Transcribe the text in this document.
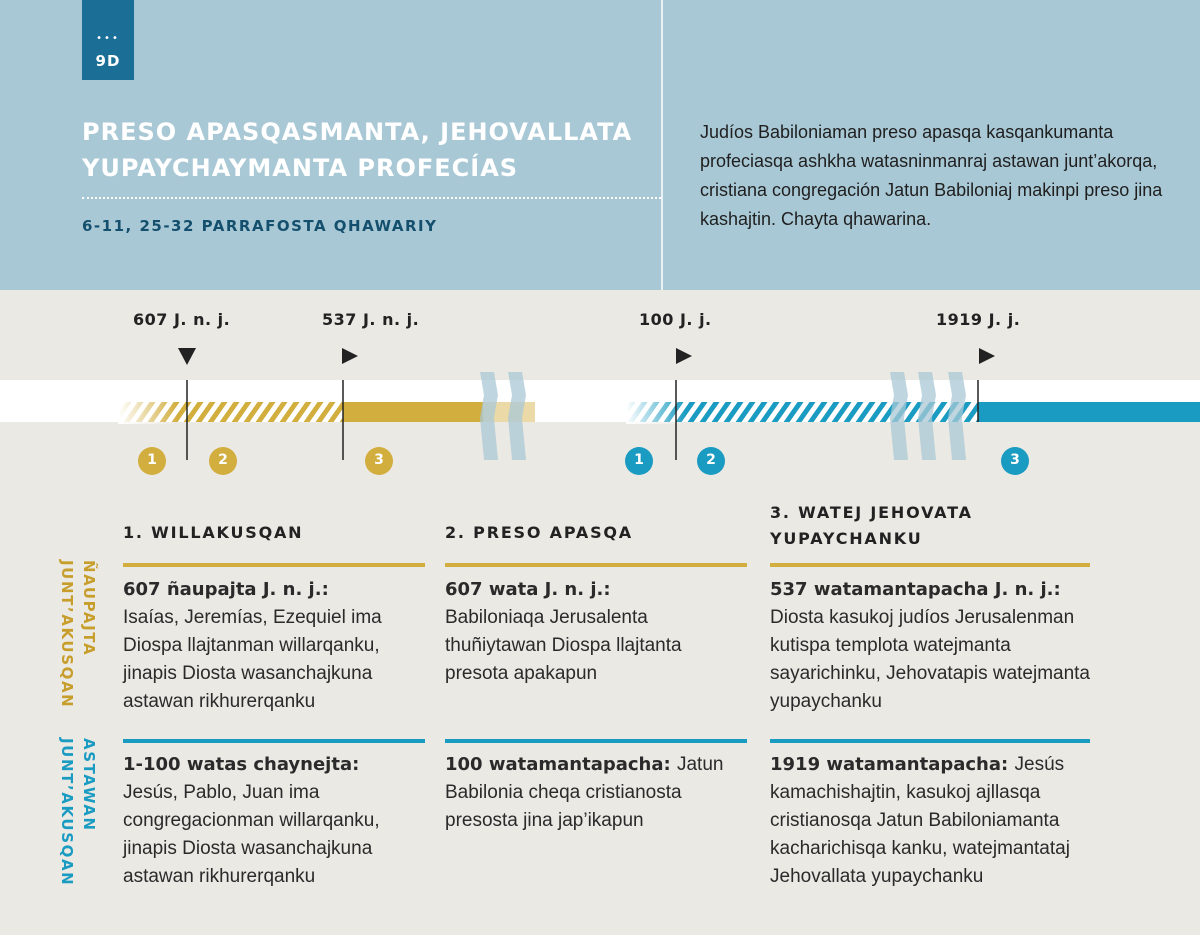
•••
9D
PRESO APASQASMANTA, JEHOVALLATA YUPAYCHAYMANTA PROFECÍAS
6-11, 25-32 PARRAFOSTA QHAWARIY
Judíos Babiloniaman preso apasqa kasqankumanta profeciasqa ashkha watasninmanraj astawan junt’akorqa, cristiana congregación Jatun Babiloniaj makinpi preso jina kashajtin. Chayta qhawarina.
607 J. n. j.	537 J. n. j.	100 J. j.	1919 J. j.
1	2	3	1	2	3
1. WILLAKUSQAN	2. PRESO APASQA
3. WATEJ JEHOVATA YUPAYCHANKU
ÑAUPAJTA JUNT’AKUSQAN
ASTAWAN JUNT’AKUSQAN
607 ñaupajta J. n. j.:
Isaías, Jeremías, Ezequiel ima Diospa llajtanman willarqanku, jinapis Diosta wasanchajkuna astawan rikhurerqanku
607 wata J. n. j.:
Babiloniaqa Jerusalenta thuñiytawan Diospa llajtanta presota apakapun
537 watamantapacha J. n. j.:
Diosta kasukoj judíos Jerusalenman kutispa templota watejmanta sayarichinku, Jehovatapis watejmanta yupaychanku
1-100 watas chaynejta:
Jesús, Pablo, Juan ima congregacionman willarqanku, jinapis Diosta wasanchajkuna astawan rikhurerqanku
100 watamantapacha: Jatun Babilonia cheqa cristianosta presosta jina jap’ikapun
1919 watamantapacha: Jesús kamachishajtin, kasukoj ajllasqa cristianosqa Jatun Babiloniamanta kacharichisqa kanku, watejmantataj Jehovallata yupaychanku
